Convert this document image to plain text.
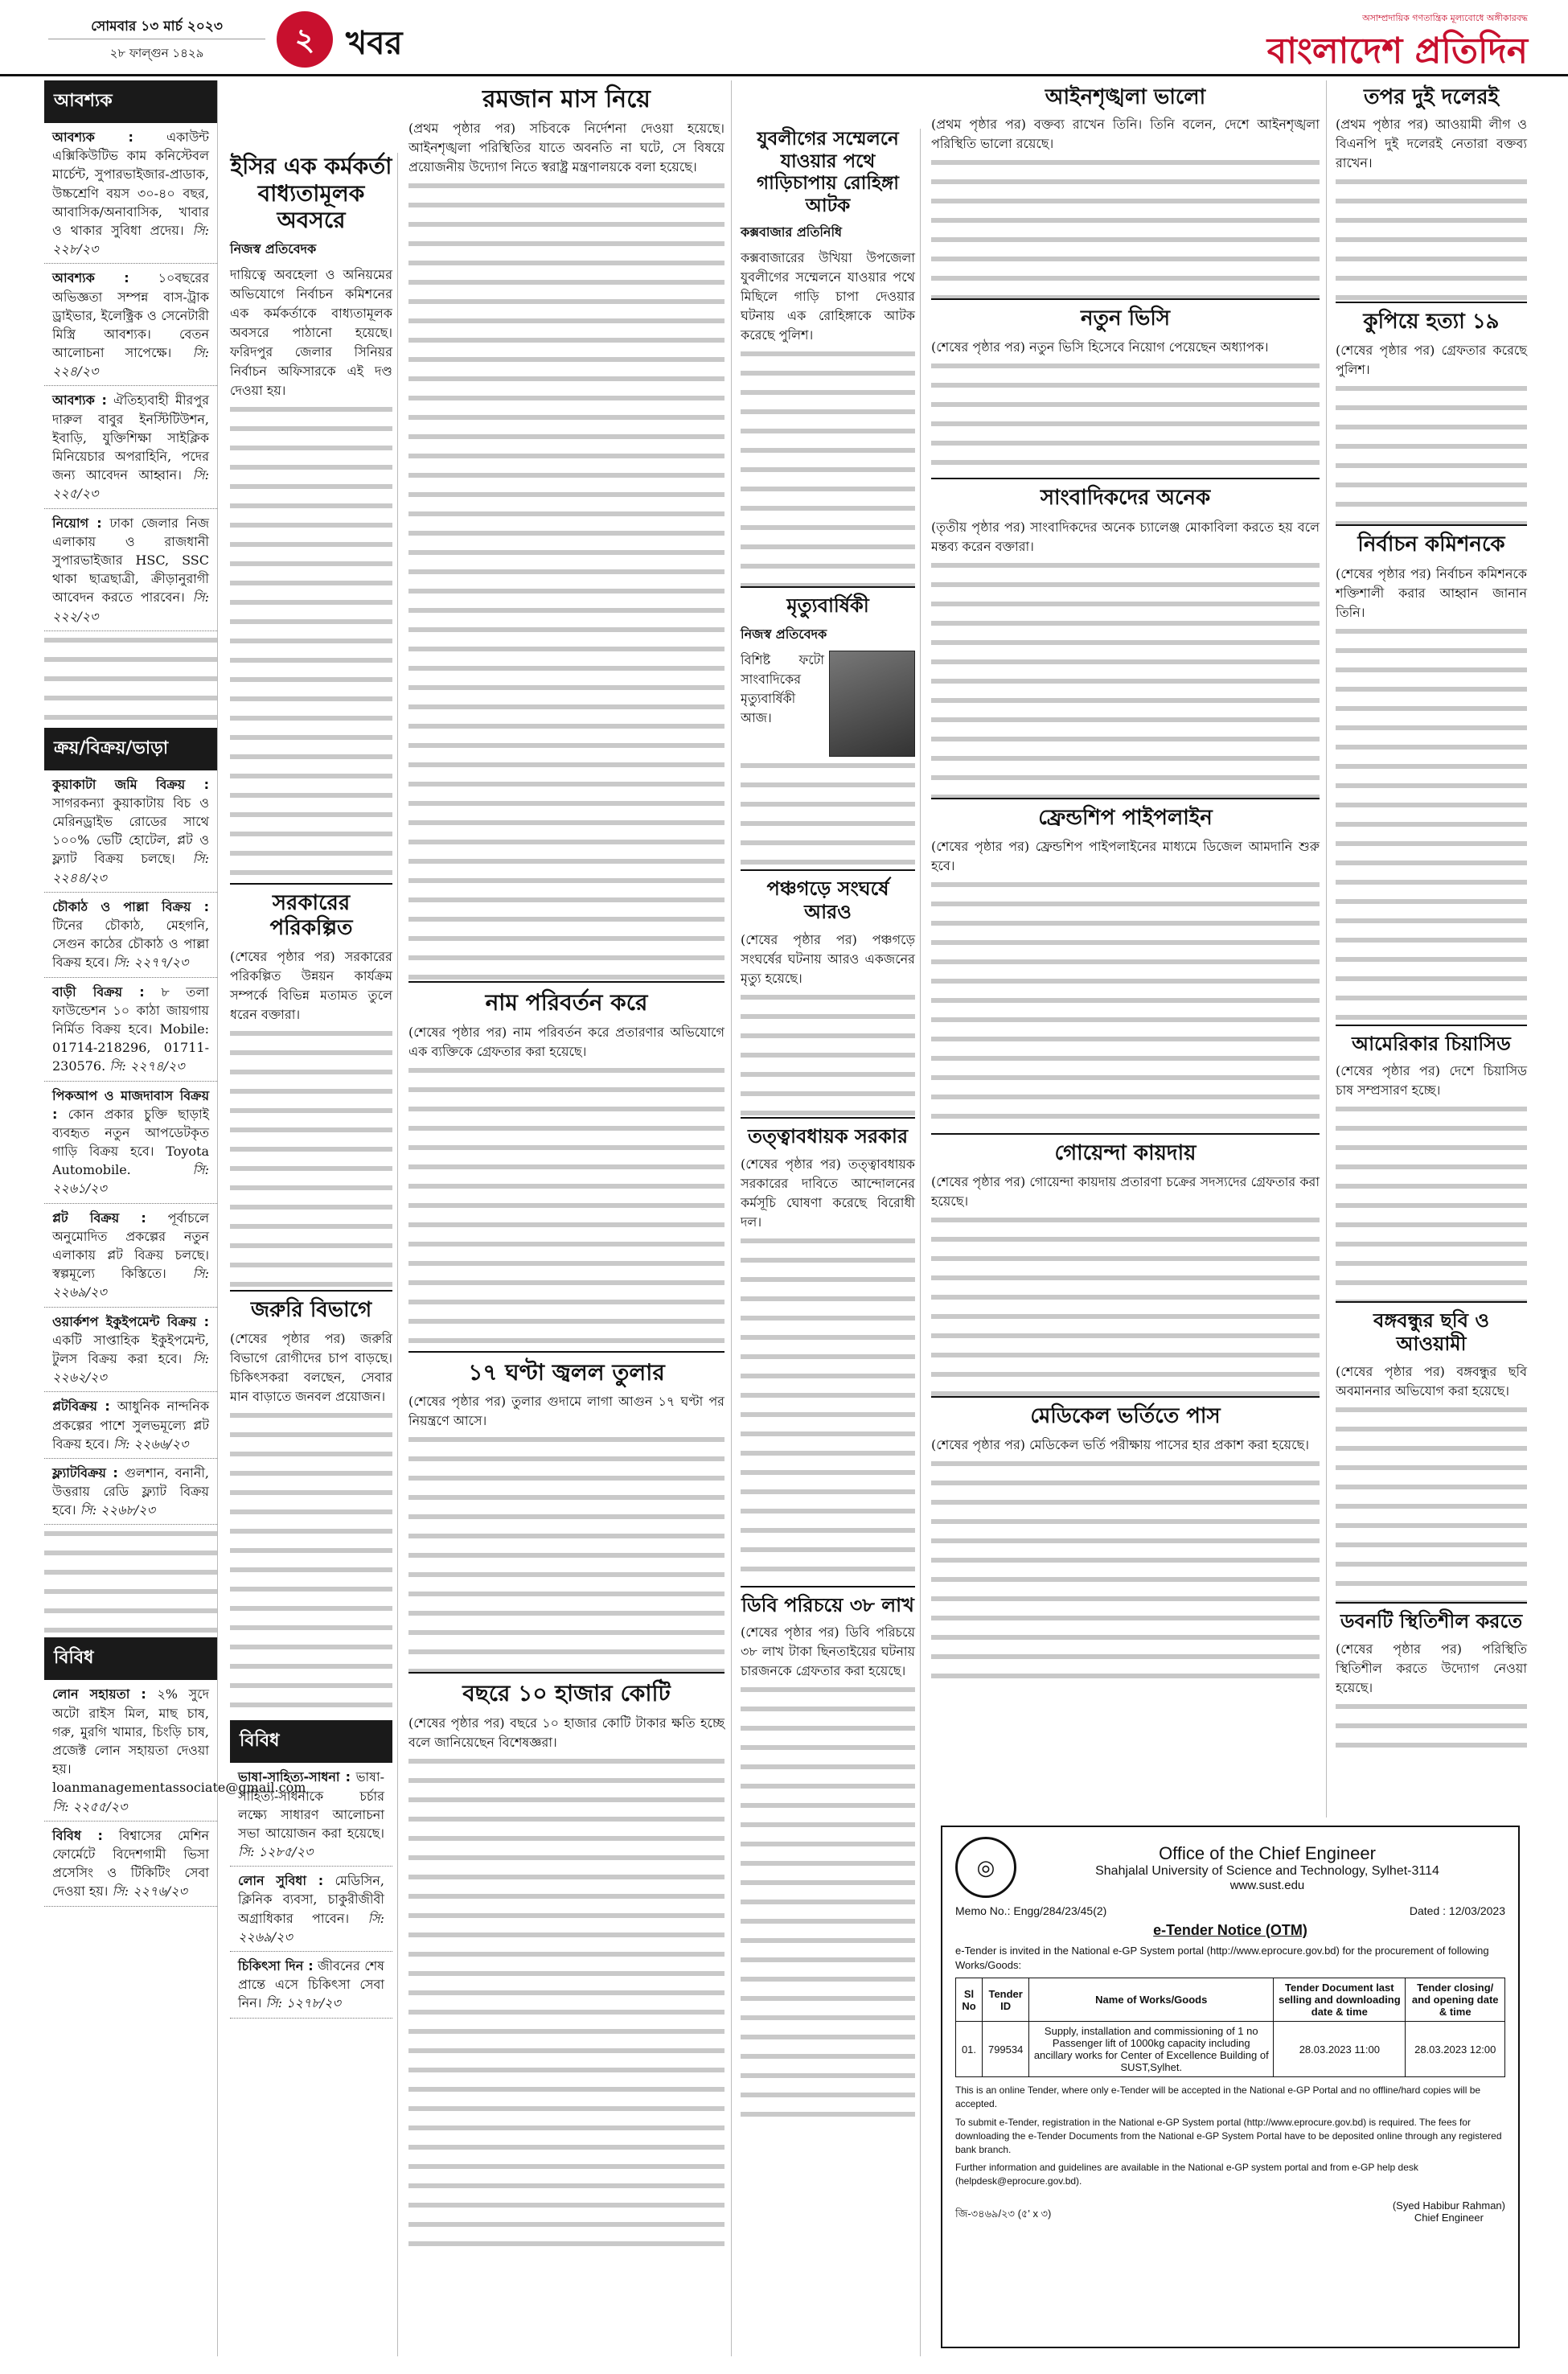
সোমবার ১৩ মার্চ ২০২৩
২৮ ফাল্গুন ১৪২৯	২ খবর
অসাম্প্রদায়িক গণতান্ত্রিক মূল্যবোধে অঙ্গীকারবদ্ধ
বাংলাদেশ প্রতিদিন
আবশ্যক
আবশ্যক :	একাউন্ট এক্সিকিউটিভ কাম কনিস্টেবল মার্চেন্ট, সুপারভাইজার-প্রাডাক, উচ্চশ্রেণি বয়স ৩০-৪০ বছর, আবাসিক/অনাবাসিক, খাবার ও থাকার সুবিধা প্রদেয়। সি: ২২৮/২৩
আবশ্যক : ১০বছরের অভিজ্ঞতা সম্পন্ন বাস-ট্রাক ড্রাইভার, ইলেক্ট্রিক ও সেনেটারী মিস্ত্রি আবশ্যক। বেতন আলোচনা সাপেক্ষে। সি: ২২৪/২৩
আবশ্যক : ঐতিহ্যবাহী মীরপুর দারুল বাবুর ইনস্টিটিউশন, ইবাড়ি, যুক্তিশিক্ষা সাইক্লিক মিনিয়েচার অপরাহিনি, পদের জন্য আবেদন আহ্বান। সি: ২২৫/২৩
নিয়োগ : ঢাকা জেলার নিজ এলাকায় ও রাজধানী সুপারভাইজার HSC, SSC থাকা ছাত্রছাত্রী, ক্রীড়ানুরাগী আবেদন করতে পারবেন। সি: ২২২/২৩
ক্রয়/বিক্রয়/ভাড়া
কুয়াকাটা জমি বিক্রয় : সাগরকন্যা কুয়াকাটায় বিচ ও মেরিনড্রাইভ রোডের সাথে ১০০% ভেটি হোটেল, প্লট ও ফ্ল্যাট বিক্রয় চলছে। সি: ২২৪৪/২৩
চৌকাঠ ও পাল্লা বিক্রয় : টিনের চৌকাঠ, মেহগনি, সেগুন কাঠের চৌকাঠ ও পাল্লা বিক্রয় হবে। সি: ২২৭৭/২৩
বাড়ী বিক্রয় : ৮ তলা ফাউন্ডেশন ১০ কাঠা জায়গায় নির্মিত বিক্রয় হবে। Mobile: 01714-218296, 01711-230576. সি: ২২৭৪/২৩
পিকআপ ও মাজদাবাস বিক্রয় : কোন প্রকার চুক্তি ছাড়াই ব্যবহৃত নতুন আপডেটকৃত গাড়ি বিক্রয় হবে। Toyota Automobile.	সি: ২২৬১/২৩
প্লট বিক্রয় : পূর্বাচলে অনুমোদিত প্রকল্পের নতুন এলাকায় প্লট বিক্রয় চলছে। স্বল্পমূল্যে কিস্তিতে। সি: ২২৬৯/২৩
ওয়ার্কশপ ইকুইপমেন্ট বিক্রয় : একটি সাপ্তাহিক ইকুইপমেন্ট, টুলস বিক্রয় করা হবে। সি: ২২৬২/২৩
প্লটবিক্রয় : আধুনিক নান্দনিক প্রকল্পের পাশে সুলভমূল্যে প্লট বিক্রয় হবে। সি: ২২৬৬/২৩
ফ্ল্যাটবিক্রয় : গুলশান, বনানী, উত্তরায় রেডি ফ্ল্যাট বিক্রয় হবে। সি: ২২৬৮/২৩
বিবিধ
লোন সহায়তা : ২% সুদে অটো রাইস মিল, মাছ চাষ, গরু, মুরগি খামার, চিংড়ি চাষ, প্রজেক্ট লোন সহায়তা দেওয়া হয়। loanmanagementassociate@gmail.com সি: ২২৫৫/২৩
বিবিধ : বিশ্বাসের মেশিন ফোর্মেটে বিদেশগামী ভিসা প্রসেসিং ও টিকিটিং সেবা দেওয়া হয়। সি: ২২৭৬/২৩
ইসির এক কর্মকর্তা বাধ্যতামূলক অবসরে
নিজস্ব প্রতিবেদক
দায়িত্বে অবহেলা ও অনিয়মের অভিযোগে নির্বাচন কমিশনের এক কর্মকর্তাকে বাধ্যতামূলক অবসরে পাঠানো হয়েছে। ফরিদপুর জেলার সিনিয়র নির্বাচন অফিসারকে এই দণ্ড দেওয়া হয়।
সরকারের পরিকল্পিত
(শেষের পৃষ্ঠার পর) সরকারের পরিকল্পিত উন্নয়ন কার্যক্রম সম্পর্কে বিভিন্ন মতামত তুলে ধরেন বক্তারা।
জরুরি বিভাগে
(শেষের পৃষ্ঠার পর) জরুরি বিভাগে রোগীদের চাপ বাড়ছে। চিকিৎসকরা বলছেন, সেবার মান বাড়াতে জনবল প্রয়োজন।
বিবিধ
ভাষা-সাহিত্য-সাধনা : ভাষা-সাহিত্য-সাধনাকে চর্চার লক্ষ্যে সাধারণ আলোচনা সভা আয়োজন করা হয়েছে। সি: ১২৮৫/২৩
লোন সুবিধা : মেডিসিন, ক্লিনিক ব্যবসা, চাকুরীজীবী অগ্রাধিকার পাবেন। সি: ২২৬৯/২৩
চিকিৎসা দিন : জীবনের শেষ প্রান্তে এসে চিকিৎসা সেবা নিন। সি: ১২৭৮/২৩
রমজান মাস নিয়ে
(প্রথম পৃষ্ঠার পর) সচিবকে নির্দেশনা দেওয়া হয়েছে। আইনশৃঙ্খলা পরিস্থিতির যাতে অবনতি না ঘটে, সে বিষয়ে প্রয়োজনীয় উদ্যোগ নিতে স্বরাষ্ট্র মন্ত্রণালয়কে বলা হয়েছে।
নাম পরিবর্তন করে
(শেষের পৃষ্ঠার পর) নাম পরিবর্তন করে প্রতারণার অভিযোগে এক ব্যক্তিকে গ্রেফতার করা হয়েছে।
১৭ ঘণ্টা জ্বলল তুলার
(শেষের পৃষ্ঠার পর) তুলার গুদামে লাগা আগুন ১৭ ঘণ্টা পর নিয়ন্ত্রণে আসে।
বছরে ১০ হাজার কোটি
(শেষের পৃষ্ঠার পর) বছরে ১০ হাজার কোটি টাকার ক্ষতি হচ্ছে বলে জানিয়েছেন বিশেষজ্ঞরা।
যুবলীগের সম্মেলনে যাওয়ার পথে গাড়িচাপায় রোহিঙ্গা আটক
কক্সবাজার প্রতিনিধি
কক্সবাজারের উখিয়া উপজেলা যুবলীগের সম্মেলনে যাওয়ার পথে মিছিলে গাড়ি চাপা দেওয়ার ঘটনায় এক রোহিঙ্গাকে আটক করেছে পুলিশ।
মৃত্যুবার্ষিকী
নিজস্ব প্রতিবেদক
বিশিষ্ট ফটো সাংবাদিকের মৃত্যুবার্ষিকী আজ।
পঞ্চগড়ে সংঘর্ষে আরও
(শেষের পৃষ্ঠার পর) পঞ্চগড়ে সংঘর্ষের ঘটনায় আরও একজনের মৃত্যু হয়েছে।
তত্ত্বাবধায়ক সরকার
(শেষের পৃষ্ঠার পর) তত্ত্বাবধায়ক সরকারের দাবিতে আন্দোলনের কর্মসূচি ঘোষণা করেছে বিরোধী দল।
ডিবি পরিচয়ে ৩৮ লাখ
(শেষের পৃষ্ঠার পর) ডিবি পরিচয়ে ৩৮ লাখ টাকা ছিনতাইয়ের ঘটনায় চারজনকে গ্রেফতার করা হয়েছে।
আইনশৃঙ্খলা ভালো
(প্রথম পৃষ্ঠার পর) বক্তব্য রাখেন তিনি। তিনি বলেন, দেশে আইনশৃঙ্খলা পরিস্থিতি ভালো রয়েছে।
নতুন ভিসি
(শেষের পৃষ্ঠার পর) নতুন ভিসি হিসেবে নিয়োগ পেয়েছেন অধ্যাপক।
সাংবাদিকদের অনেক
(তৃতীয় পৃষ্ঠার পর) সাংবাদিকদের অনেক চ্যালেঞ্জ মোকাবিলা করতে হয় বলে মন্তব্য করেন বক্তারা।
ফ্রেন্ডশিপ পাইপলাইন
(শেষের পৃষ্ঠার পর) ফ্রেন্ডশিপ পাইপলাইনের মাধ্যমে ডিজেল আমদানি শুরু হবে।
গোয়েন্দা কায়দায়
(শেষের পৃষ্ঠার পর) গোয়েন্দা কায়দায় প্রতারণা চক্রের সদস্যদের গ্রেফতার করা হয়েছে।
মেডিকেল ভর্তিতে পাস
(শেষের পৃষ্ঠার পর) মেডিকেল ভর্তি পরীক্ষায় পাসের হার প্রকাশ করা হয়েছে।
তপর দুই দলেরই
(প্রথম পৃষ্ঠার পর) আওয়ামী লীগ ও বিএনপি দুই দলেরই নেতারা বক্তব্য রাখেন।
কুপিয়ে হত্যা ১৯
(শেষের পৃষ্ঠার পর) গ্রেফতার করেছে পুলিশ।
নির্বাচন কমিশনকে
(শেষের পৃষ্ঠার পর) নির্বাচন কমিশনকে শক্তিশালী করার আহ্বান জানান তিনি।
আমেরিকার চিয়াসিড
(শেষের পৃষ্ঠার পর) দেশে চিয়াসিড চাষ সম্প্রসারণ হচ্ছে।
বঙ্গবন্ধুর ছবি ও আওয়ামী
(শেষের পৃষ্ঠার পর) বঙ্গবন্ধুর ছবি অবমাননার অভিযোগ করা হয়েছে।
ডবনটি স্থিতিশীল করতে
(শেষের পৃষ্ঠার পর) পরিস্থিতি স্থিতিশীল করতে উদ্যোগ নেওয়া হয়েছে।
◎
Office of the Chief Engineer
Shahjalal University of Science and Technology, Sylhet-3114
www.sust.edu
Memo No.: Engg/284/23/45(2)	Dated : 12/03/2023
e-Tender Notice (OTM)
e-Tender is invited in the National e-GP System portal (http://www.eprocure.gov.bd) for the procurement of following Works/Goods:
Sl No	Tender ID	Name of Works/Goods	Tender Document last selling and downloading date & time	Tender closing/ and opening date & time
01.	799534	Supply, installation and commissioning of 1 no Passenger lift of 1000kg capacity including ancillary works for Center of Excellence Building of SUST,Sylhet.	28.03.2023 11:00	28.03.2023 12:00
This is an online Tender, where only e-Tender will be accepted in the National e-GP Portal and no offline/hard copies will be accepted.
To submit e-Tender, registration in the National e-GP System portal (http://www.eprocure.gov.bd) is required. The fees for downloading the e-Tender Documents from the National e-GP System Portal have to be deposited online through any registered bank branch.
Further information and guidelines are available in the National e-GP system portal and from e-GP help desk (helpdesk@eprocure.gov.bd).
জি-৩৪৬৯/২৩ (৫' x ৩)
(Syed Habibur Rahman)
Chief Engineer
